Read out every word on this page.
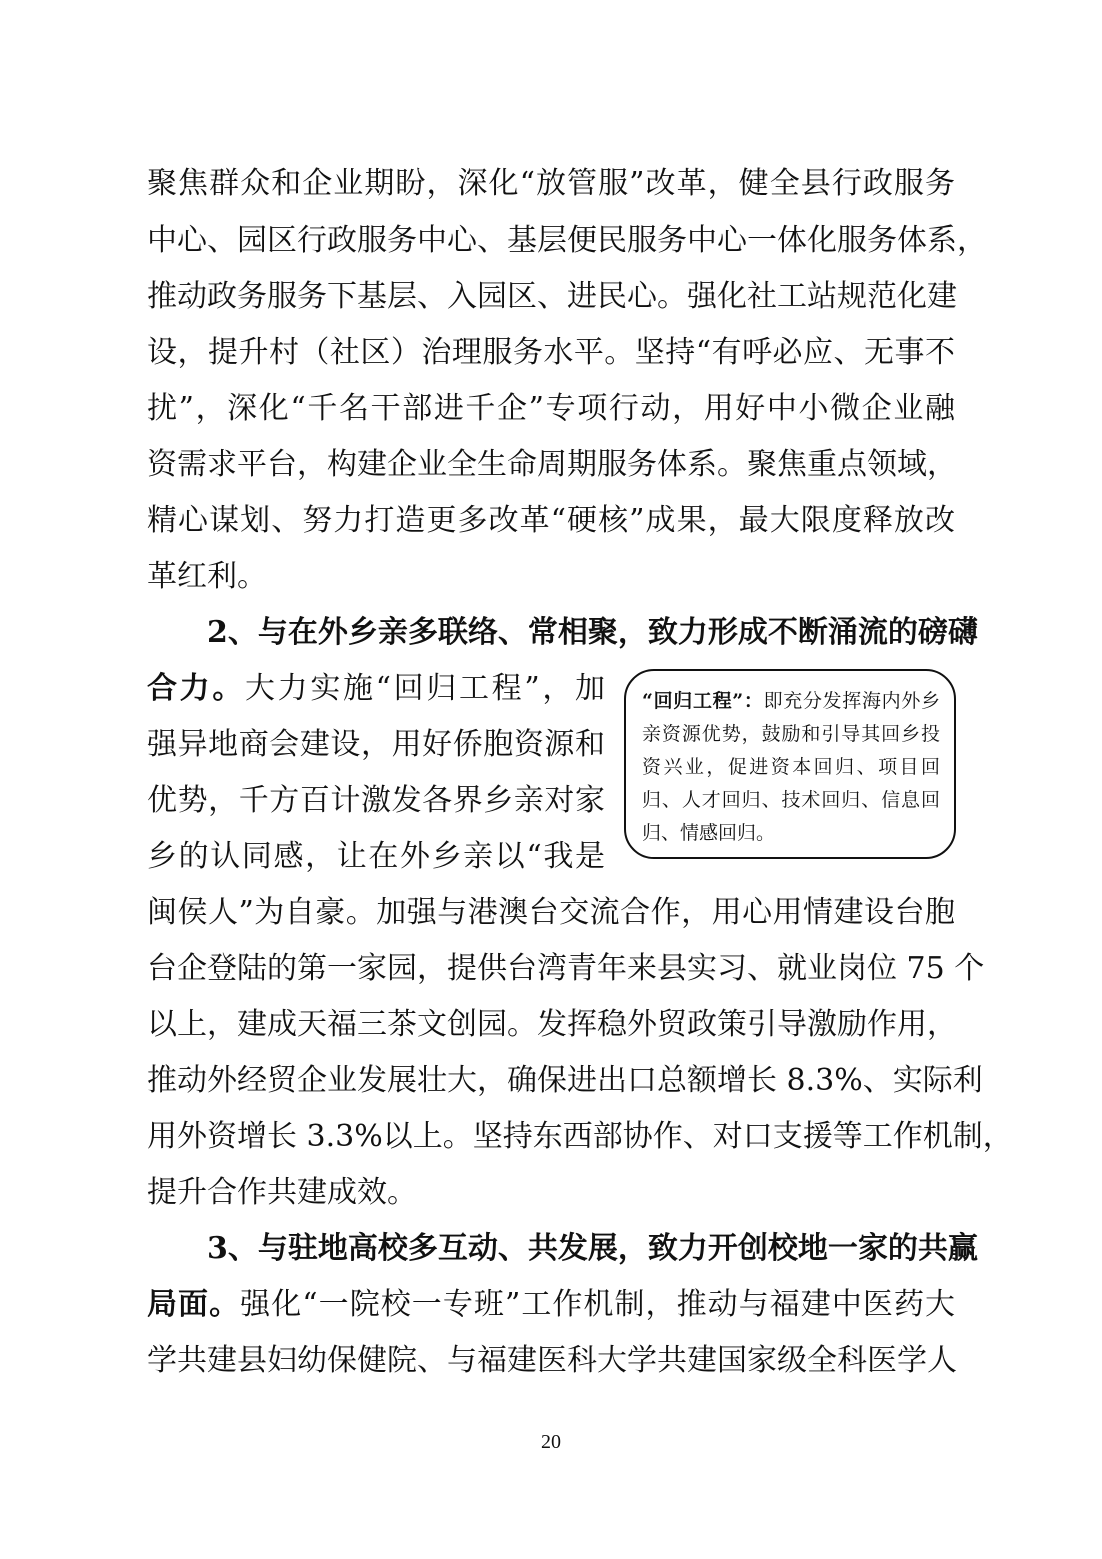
聚焦群众和企业期盼，深化“放管服”改革，健全县行政服务
中心、园区行政服务中心、基层便民服务中心一体化服务体系，
推动政务服务下基层、入园区、进民心。强化社工站规范化建
设，提升村（社区）治理服务水平。坚持“有呼必应、无事不
扰”，深化“千名干部进千企”专项行动，用好中小微企业融
资需求平台，构建企业全生命周期服务体系。聚焦重点领域，
精心谋划、努力打造更多改革“硬核”成果，最大限度释放改
革红利。
2、与在外乡亲多联络、常相聚，致力形成不断涌流的磅礴
合力。大力实施“回归工程”，加
强异地商会建设，用好侨胞资源和
优势，千方百计激发各界乡亲对家
乡的认同感，让在外乡亲以“我是
“回归工程”：即充分发挥海内外乡亲资源优势，鼓励和引导其回乡投资兴业，促进资本回归、项目回归、人才回归、技术回归、信息回归、情感回归。
闽侯人”为自豪。加强与港澳台交流合作，用心用情建设台胞
台企登陆的第一家园，提供台湾青年来县实习、就业岗位 75 个
以上，建成天福三茶文创园。发挥稳外贸政策引导激励作用，
推动外经贸企业发展壮大，确保进出口总额增长 8.3%、实际利
用外资增长 3.3%以上。坚持东西部协作、对口支援等工作机制，
提升合作共建成效。
3、与驻地高校多互动、共发展，致力开创校地一家的共赢
局面。强化“一院校一专班”工作机制，推动与福建中医药大
学共建县妇幼保健院、与福建医科大学共建国家级全科医学人
20
